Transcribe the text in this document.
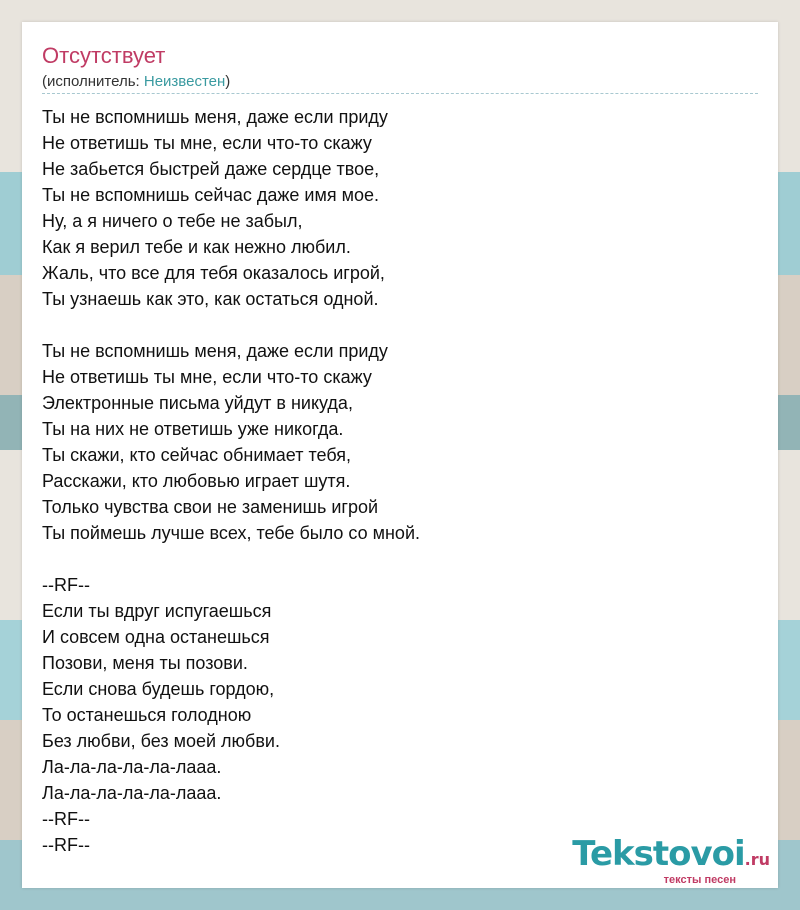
Отсутствует
(исполнитель: Неизвестен)
Ты не вспомнишь меня, даже если приду
Не ответишь ты мне, если что-то скажу
Не забьется быстрей даже сердце твое,
Ты не вспомнишь сейчас даже имя мое.
Ну, а я ничего о тебе не забыл,
Как я верил тебе и как нежно любил.
Жаль, что все для тебя оказалось игрой,
Ты узнаешь как это, как остаться одной.
Ты не вспомнишь меня, даже если приду
Не ответишь ты мне, если что-то скажу
Электронные письма уйдут в никуда,
Ты на них не ответишь уже никогда.
Ты скажи, кто сейчас обнимает тебя,
Расскажи, кто любовью играет шутя.
Только чувства свои не заменишь игрой
Ты поймешь лучше всех, тебе было со мной.
--RF--
Если ты вдруг испугаешься
И совсем одна останешься
Позови, меня ты позови.
Если снова будешь гордою,
То останешься голодною
Без любви, без моей любви.
Ла-ла-ла-ла-ла-лааа.
Ла-ла-ла-ла-ла-лааа.
--RF--
--RF--	Tekstovoi.ru
тексты песен
